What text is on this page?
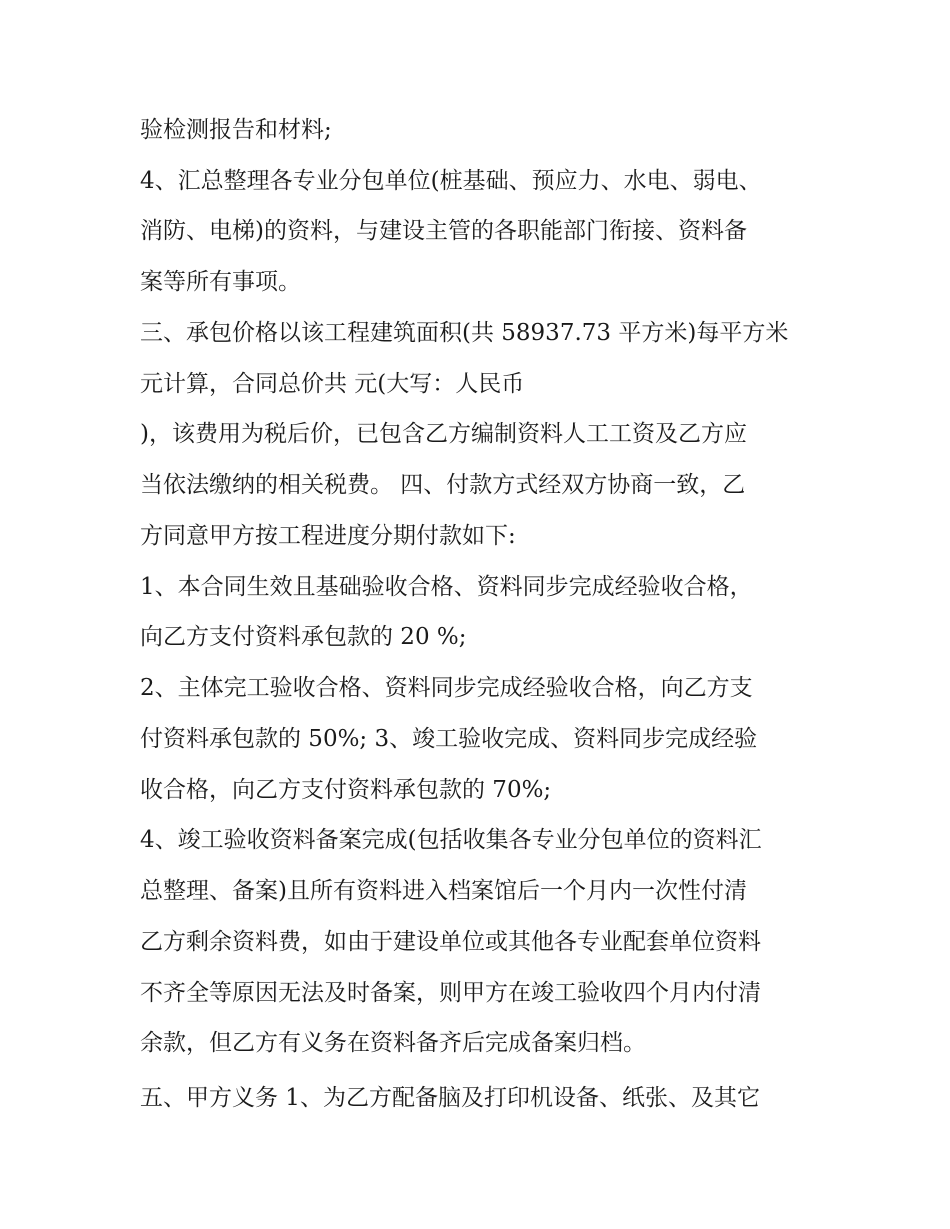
验检测报告和材料;
4、汇总整理各专业分包单位(桩基础、预应力、水电、弱电、
消防、电梯)的资料，与建设主管的各职能部门衔接、资料备
案等所有事项。
三、承包价格以该工程建筑面积(共 58937.73 平方米)每平方米
元计算，合同总价共 元(大写：人民币
)，该费用为税后价，已包含乙方编制资料人工工资及乙方应
当依法缴纳的相关税费。 四、付款方式经双方协商一致，乙
方同意甲方按工程进度分期付款如下:
1、本合同生效且基础验收合格、资料同步完成经验收合格，
向乙方支付资料承包款的 20 %;
2、主体完工验收合格、资料同步完成经验收合格，向乙方支
付资料承包款的 50%; 3、竣工验收完成、资料同步完成经验
收合格，向乙方支付资料承包款的 70%;
4、竣工验收资料备案完成(包括收集各专业分包单位的资料汇
总整理、备案)且所有资料进入档案馆后一个月内一次性付清
乙方剩余资料费，如由于建设单位或其他各专业配套单位资料
不齐全等原因无法及时备案，则甲方在竣工验收四个月内付清
余款，但乙方有义务在资料备齐后完成备案归档。
五、甲方义务 1、为乙方配备脑及打印机设备、纸张、及其它
